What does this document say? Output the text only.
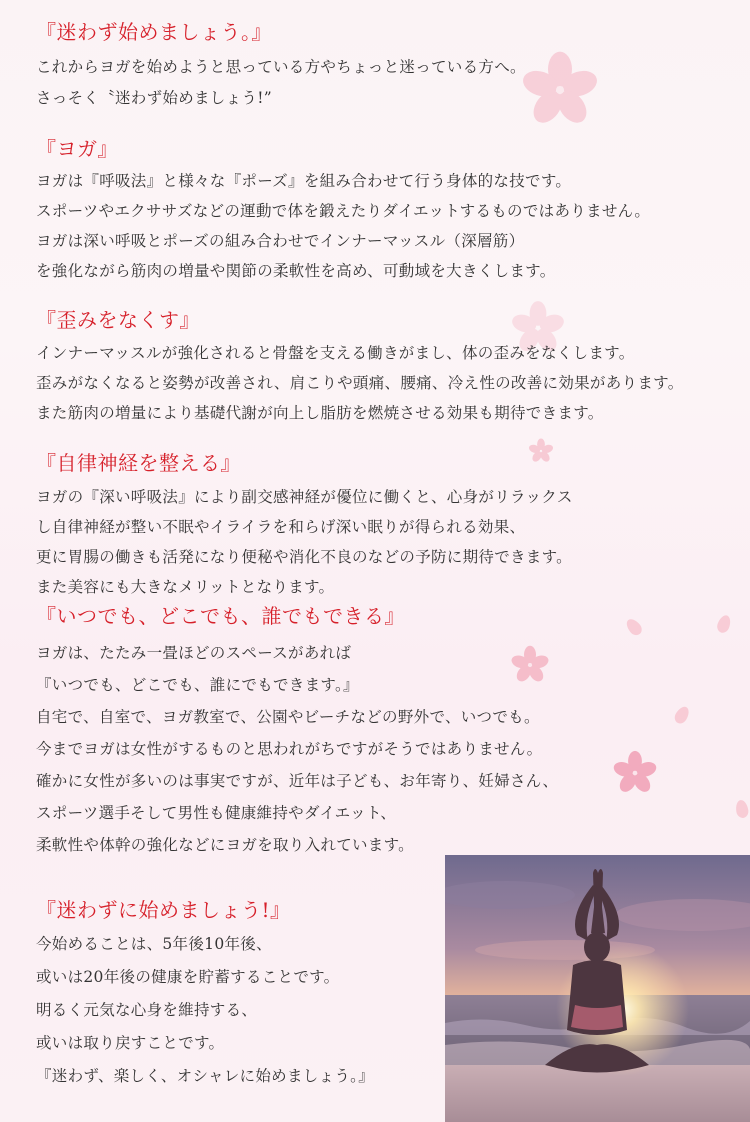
『迷わず始めましょう。』
これからヨガを始めようと思っている方やちょっと迷っている方へ。
さっそく〝迷わず始めましょう!”
『ヨガ』
ヨガは『呼吸法』と様々な『ポーズ』を組み合わせて行う身体的な技です。
スポーツやエクササズなどの運動で体を鍛えたりダイエットするものではありません。
ヨガは深い呼吸とポーズの組み合わせでインナーマッスル（深層筋）
を強化ながら筋肉の増量や関節の柔軟性を高め、可動域を大きくします。
『歪みをなくす』
インナーマッスルが強化されると骨盤を支える働きがまし、体の歪みをなくします。
歪みがなくなると姿勢が改善され、肩こりや頭痛、腰痛、冷え性の改善に効果があります。
また筋肉の増量により基礎代謝が向上し脂肪を燃焼させる効果も期待できます。
『自律神経を整える』
ヨガの『深い呼吸法』により副交感神経が優位に働くと、心身がリラックス
し自律神経が整い不眠やイライラを和らげ深い眠りが得られる効果、
更に胃腸の働きも活発になり便秘や消化不良のなどの予防に期待できます。
また美容にも大きなメリットとなります。
『いつでも、どこでも、誰でもできる』
ヨガは、たたみ一畳ほどのスペースがあれば
『いつでも、どこでも、誰にでもできます。』
自宅で、自室で、ヨガ教室で、公園やビーチなどの野外で、いつでも。
今までヨガは女性がするものと思われがちですがそうではありません。
確かに女性が多いのは事実ですが、近年は子ども、お年寄り、妊婦さん、
スポーツ選手そして男性も健康維持やダイエット、
柔軟性や体幹の強化などにヨガを取り入れています。
『迷わずに始めましょう!』
今始めることは、5年後10年後、
或いは20年後の健康を貯蓄することです。
明るく元気な心身を維持する、
或いは取り戻すことです。
『迷わず、楽しく、オシャレに始めましょう。』
